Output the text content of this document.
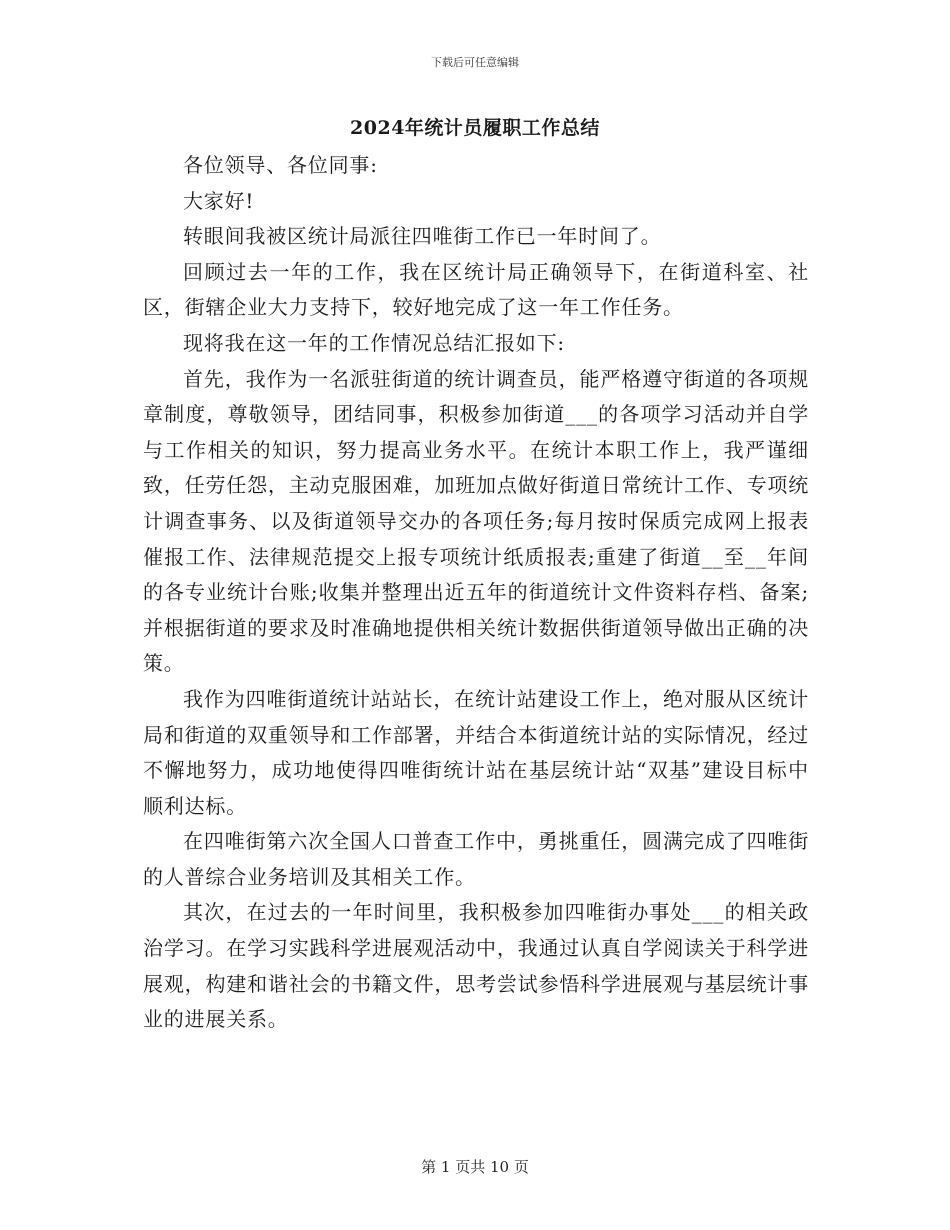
下载后可任意编辑
2024年统计员履职工作总结

各位领导、各位同事:

大家好!

转眼间我被区统计局派往四唯街工作已一年时间了。

回顾过去一年的工作，我在区统计局正确领导下，在街道科室、社区，街辖企业大力支持下，较好地完成了这一年工作任务。

现将我在这一年的工作情况总结汇报如下:

首先，我作为一名派驻街道的统计调查员，能严格遵守街道的各项规章制度，尊敬领导，团结同事，积极参加街道___的各项学习活动并自学与工作相关的知识，努力提高业务水平。在统计本职工作上，我严谨细致，任劳任怨，主动克服困难，加班加点做好街道日常统计工作、专项统计调查事务、以及街道领导交办的各项任务;每月按时保质完成网上报表催报工作、法律规范提交上报专项统计纸质报表;重建了街道__至__年间的各专业统计台账;收集并整理出近五年的街道统计文件资料存档、备案;并根据街道的要求及时准确地提供相关统计数据供街道领导做出正确的决策。

我作为四唯街道统计站站长，在统计站建设工作上，绝对服从区统计局和街道的双重领导和工作部署，并结合本街道统计站的实际情况，经过不懈地努力，成功地使得四唯街统计站在基层统计站“双基”建设目标中顺利达标。

在四唯街第六次全国人口普查工作中，勇挑重任，圆满完成了四唯街的人普综合业务培训及其相关工作。

其次，在过去的一年时间里，我积极参加四唯街办事处___的相关政治学习。在学习实践科学进展观活动中，我通过认真自学阅读关于科学进展观，构建和谐社会的书籍文件，思考尝试参悟科学进展观与基层统计事业的进展关系。

第 1 页共 10 页
